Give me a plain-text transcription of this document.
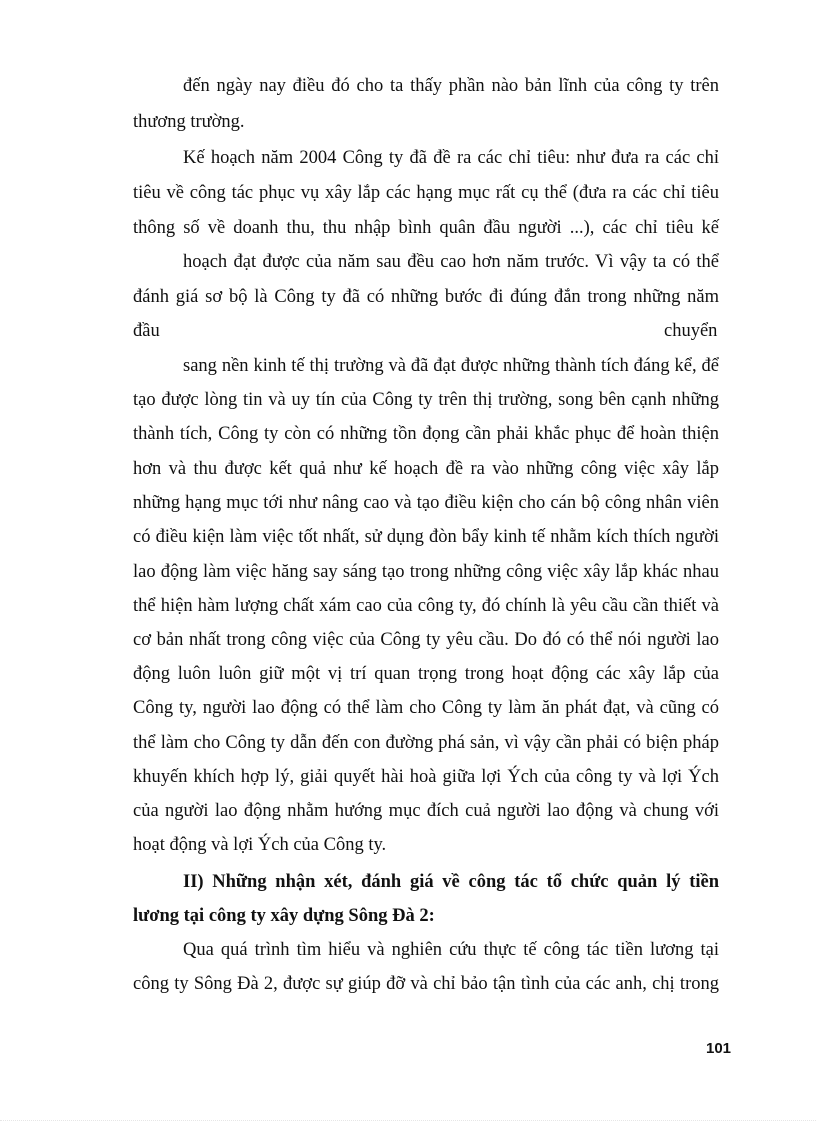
đến ngày nay điều đó cho ta thấy phần nào bản lĩnh của công ty trên
thương trường.
Kế hoạch năm 2004 Công ty đã đề ra các chỉ tiêu: như đưa ra các chỉ
tiêu về công tác phục vụ xây lắp các hạng mục rất cụ thể (đưa ra các chỉ tiêu
thông số về doanh thu, thu nhập bình quân đầu người ...), các chỉ tiêu kế
hoạch đạt được của năm sau đều cao hơn năm trước. Vì vậy ta có thể
đánh giá sơ bộ là Công ty đã có những bước đi đúng đắn trong những năm
đầu	chuyển
sang nền kinh tế thị trường và đã đạt được những thành tích đáng kể, để
tạo được lòng tin và uy tín của Công ty trên thị trường, song bên cạnh những
thành tích, Công ty còn có những tồn đọng cần phải khắc phục để hoàn thiện
hơn và thu được kết quả như kế hoạch đề ra vào những công việc xây lắp
những hạng mục tới như nâng cao và tạo điều kiện cho cán bộ công nhân viên
có điều kiện làm việc tốt nhất, sử dụng đòn bẩy kinh tế nhằm kích thích người
lao động làm việc hăng say sáng tạo trong những công việc xây lắp khác nhau
thể hiện hàm lượng chất xám cao của công ty, đó chính là yêu cầu cần thiết và
cơ bản nhất trong công việc của Công ty yêu cầu. Do đó có thể nói người lao
động luôn luôn giữ một vị trí quan trọng trong hoạt động các xây lắp của
Công ty, người lao động có thể làm cho Công ty làm ăn phát đạt, và cũng có
thể làm cho Công ty dẫn đến con đường phá sản, vì vậy cần phải có biện pháp
khuyến khích hợp lý, giải quyết hài hoà giữa lợi Ých của công ty và lợi Ých
của người lao động nhằm hướng mục đích cuả người lao động và chung với
hoạt động và lợi Ých của Công ty.
II) Những nhận xét, đánh giá về công tác tổ chức quản lý tiền
lương tại công ty xây dựng Sông Đà 2:
Qua quá trình tìm hiểu và nghiên cứu thực tế công tác tiền lương tại
công ty Sông Đà 2, được sự giúp đỡ và chỉ bảo tận tình của các anh, chị trong
101
